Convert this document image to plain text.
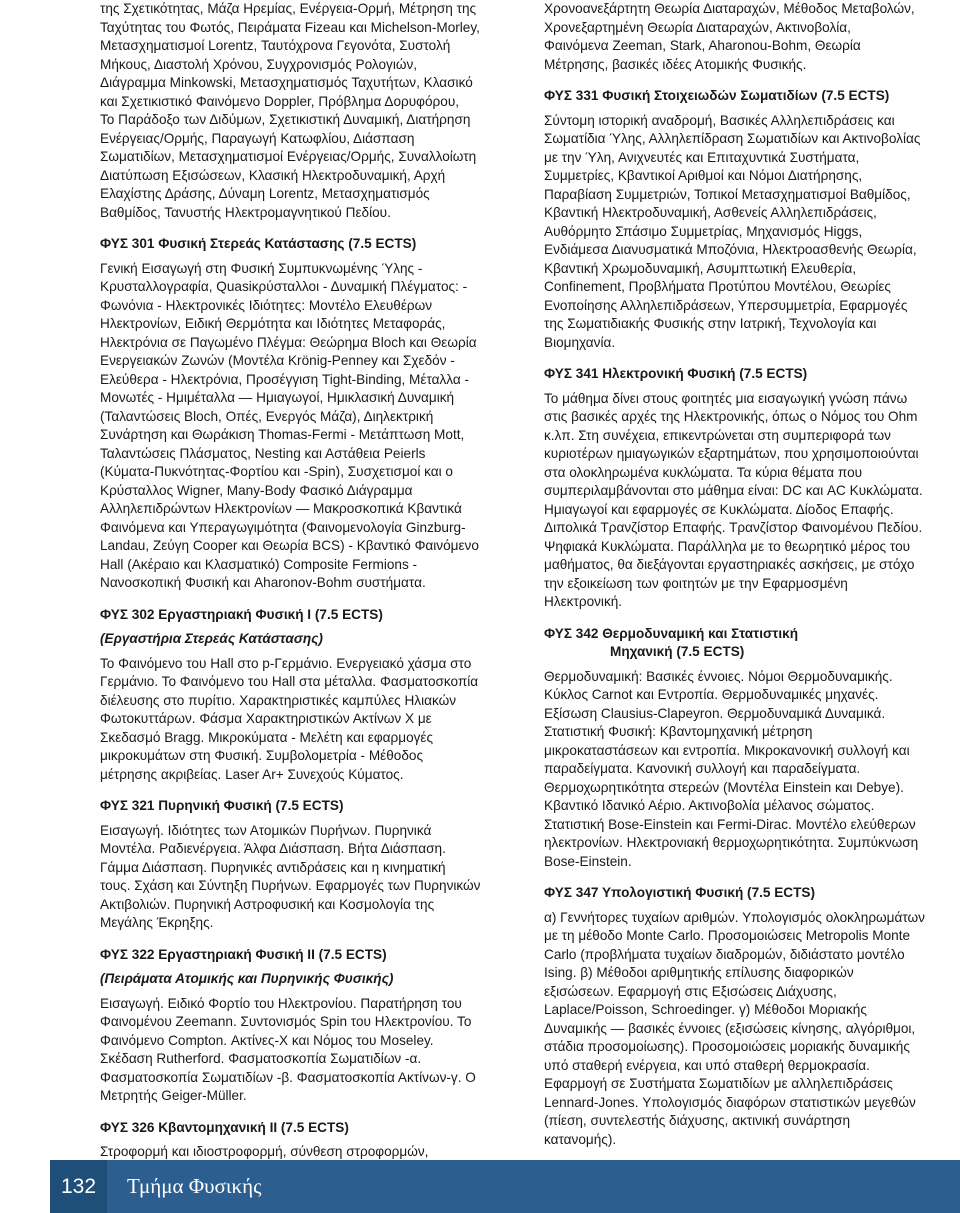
της Σχετικότητας, Μάζα Ηρεμίας, Ενέργεια-Ορμή, Μέτρηση της

Ταχύτητας του Φωτός, Πειράματα Fizeau και Michelson-Morley,

Μετασχηματισμοί Lorentz, Ταυτόχρονα Γεγονότα, Συστολή

Μήκους, Διαστολή Χρόνου, Συγχρονισμός Ρολογιών,

Διάγραμμα Minkowski, Μετασχηματισμός Ταχυτήτων, Κλασικό

και Σχετικιστικό Φαινόμενο Doppler, Πρόβλημα Δορυφόρου,

Το Παράδοξο των Διδύμων, Σχετικιστική Δυναμική, Διατήρηση

Ενέργειας/Ορμής, Παραγωγή Κατωφλίου, Διάσπαση

Σωματιδίων, Μετασχηματισμοί Ενέργειας/Ορμής, Συναλλοίωτη

Διατύπωση Εξισώσεων, Κλασική Ηλεκτροδυναμική, Αρχή

Ελαχίστης Δράσης, Δύναμη Lorentz, Μετασχηματισμός

Βαθμίδος, Τανυστής Ηλεκτρομαγνητικού Πεδίου.

ΦΥΣ 301 Φυσική Στερεάς Κατάστασης (7.5 ECTS)

Γενική Εισαγωγή στη Φυσική Συμπυκνωμένης Ύλης -

Κρυσταλλογραφία, Quasiκρύσταλλοι - Δυναμική Πλέγματος: -

Φωνόνια - Ηλεκτρονικές Ιδιότητες: Μοντέλο Ελευθέρων

Ηλεκτρονίων, Ειδική Θερμότητα και Ιδιότητες Μεταφοράς,

Ηλεκτρόνια σε Παγωμένο Πλέγμα: Θεώρημα Bloch και Θεωρία

Ενεργειακών Ζωνών (Μοντέλα Krönig-Penney και Σχεδόν -

Ελεύθερα - Ηλεκτρόνια, Προσέγγιση Tight-Binding, Μέταλλα -

Μονωτές - Ημιμέταλλα — Ημιαγωγοί, Ημικλασική Δυναμική

(Ταλαντώσεις Bloch, Οπές, Ενεργός Μάζα), Διηλεκτρική

Συνάρτηση και Θωράκιση Thomas-Fermi - Μετάπτωση Mott,

Ταλαντώσεις Πλάσματος, Nesting και Αστάθεια Peierls

(Κύματα-Πυκνότητας-Φορτίου και -Spin), Συσχετισμοί και ο

Κρύσταλλος Wigner, Many-Body Φασικό Διάγραμμα

Αλληλεπιδρώντων Ηλεκτρονίων — Μακροσκοπικά Κβαντικά

Φαινόμενα και Υπεραγωγιμότητα (Φαινομενολογία Ginzburg-

Landau, Ζεύγη Cooper και Θεωρία BCS) - Κβαντικό Φαινόμενο

Hall (Ακέραιο και Κλασματικό) Composite Fermions -

Νανοσκοπική Φυσική και Aharonov-Bohm συστήματα.

ΦΥΣ 302 Εργαστηριακή Φυσική I (7.5 ECTS)

(Εργαστήρια Στερεάς Κατάστασης)

Το Φαινόμενο του Hall στο p-Γερμάνιο. Ενεργειακό χάσμα στο

Γερμάνιο. Το Φαινόμενο του Hall στα μέταλλα. Φασματοσκοπία

διέλευσης στο πυρίτιο. Χαρακτηριστικές καμπύλες Ηλιακών

Φωτοκυττάρων. Φάσμα Χαρακτηριστικών Ακτίνων Χ με

Σκεδασμό Bragg. Μικροκύματα - Μελέτη και εφαρμογές

μικροκυμάτων στη Φυσική. Συμβολομετρία - Μέθοδος

μέτρησης ακριβείας. Laser Ar+ Συνεχούς Κύματος.

ΦΥΣ 321 Πυρηνική Φυσική (7.5 ECTS)

Εισαγωγή. Ιδιότητες των Ατομικών Πυρήνων. Πυρηνικά

Μοντέλα. Ραδιενέργεια. Άλφα Διάσπαση. Βήτα Διάσπαση.

Γάμμα Διάσπαση. Πυρηνικές αντιδράσεις και η κινηματική

τους. Σχάση και Σύντηξη Πυρήνων. Εφαρμογές των Πυρηνικών

Ακτιβολιών. Πυρηνική Αστροφυσική και Κοσμολογία της

Μεγάλης Έκρηξης.

ΦΥΣ 322 Εργαστηριακή Φυσική II (7.5 ECTS)

(Πειράματα Ατομικής και Πυρηνικής Φυσικής)

Εισαγωγή. Ειδικό Φορτίο του Ηλεκτρονίου. Παρατήρηση του

Φαινομένου Zeemann. Συντονισμός Spin του Ηλεκτρονίου. Το

Φαινόμενο Compton. Ακτίνες-Χ και Νόμος του Moseley.

Σκέδαση Rutherford. Φασματοσκοπία Σωματιδίων -α.

Φασματοσκοπία Σωματιδίων -β. Φασματοσκοπία Ακτίνων-γ. Ο

Μετρητής Geiger-Müller.

ΦΥΣ 326 Κβαντομηχανική II (7.5 ECTS)

Στροφορμή και ιδιοστροφορμή, σύνθεση στροφορμών,

Χρονοανεξάρτητη Θεωρία Διαταραχών, Μέθοδος Μεταβολών,

Χρονεξαρτημένη Θεωρία Διαταραχών, Ακτινοβολία,

Φαινόμενα Zeeman, Stark, Aharonou-Bohm, Θεωρία

Μέτρησης, βασικές ιδέες Ατομικής Φυσικής.

ΦΥΣ 331 Φυσική Στοιχειωδών Σωματιδίων (7.5 ECTS)

Σύντομη ιστορική αναδρομή, Βασικές Αλληλεπιδράσεις και

Σωματίδια Ύλης, Αλληλεπίδραση Σωματιδίων και Ακτινοβολίας

με την Ύλη, Ανιχνευτές και Επιταχυντικά Συστήματα,

Συμμετρίες, Κβαντικοί Αριθμοί και Νόμοι Διατήρησης,

Παραβίαση Συμμετριών, Τοπικοί Μετασχηματισμοί Βαθμίδος,

Κβαντική Ηλεκτροδυναμική, Ασθενείς Αλληλεπιδράσεις,

Αυθόρμητο Σπάσιμο Συμμετρίας, Μηχανισμός Higgs,

Ενδιάμεσα Διανυσματικά Μποζόνια, Ηλεκτροασθενής Θεωρία,

Κβαντική Χρωμοδυναμική, Ασυμπτωτική Ελευθερία,

Confinement, Προβλήματα Προτύπου Μοντέλου, Θεωρίες

Ενοποίησης Αλληλεπιδράσεων, Υπερσυμμετρία, Εφαρμογές

της Σωματιδιακής Φυσικής στην Ιατρική, Τεχνολογία και

Βιομηχανία.

ΦΥΣ 341 Ηλεκτρονική Φυσική (7.5 ECTS)

Το μάθημα δίνει στους φοιτητές μια εισαγωγική γνώση πάνω

στις βασικές αρχές της Ηλεκτρονικής, όπως ο Νόμος του Ohm

κ.λπ. Στη συνέχεια, επικεντρώνεται στη συμπεριφορά των

κυριοτέρων ημιαγωγικών εξαρτημάτων, που χρησιμοποιούνται

στα ολοκληρωμένα κυκλώματα. Τα κύρια θέματα που

συμπεριλαμβάνονται στο μάθημα είναι: DC και AC Κυκλώματα.

Ημιαγωγοί και εφαρμογές σε Κυκλώματα. Δίοδος Επαφής.

Διπολικά Τρανζίστορ Επαφής. Τρανζίστορ Φαινομένου Πεδίου.

Ψηφιακά Κυκλώματα. Παράλληλα με το θεωρητικό μέρος του

μαθήματος, θα διεξάγονται εργαστηριακές ασκήσεις, με στόχο

την εξοικείωση των φοιτητών με την Εφαρμοσμένη

Ηλεκτρονική.

ΦΥΣ 342 Θερμοδυναμική και Στατιστική
Μηχανική (7.5 ECTS)

Θερμοδυναμική: Βασικές έννοιες. Νόμοι Θερμοδυναμικής.

Κύκλος Carnot και Εντροπία. Θερμοδυναμικές μηχανές.

Εξίσωση Clausius-Clapeyron. Θερμοδυναμικά Δυναμικά.

Στατιστική Φυσική: Κβαντομηχανική μέτρηση

μικροκαταστάσεων και εντροπία. Μικροκανονική συλλογή και

παραδείγματα. Κανονική συλλογή και παραδείγματα.

Θερμοχωρητικότητα στερεών (Μοντέλα Einstein και Debye).

Κβαντικό Ιδανικό Αέριο. Ακτινοβολία μέλανος σώματος.

Στατιστική Bose-Einstein και Fermi-Dirac. Μοντέλο ελεύθερων

ηλεκτρονίων. Ηλεκτρονιακή θερμοχωρητικότητα. Συμπύκνωση

Bose-Einstein.

ΦΥΣ 347 Υπολογιστική Φυσική (7.5 ECTS)

α) Γεννήτορες τυχαίων αριθμών. Υπολογισμός ολοκληρωμάτων

με τη μέθοδο Monte Carlo. Προσομοιώσεις Metropolis Monte

Carlo (προβλήματα τυχαίων διαδρομών, διδιάστατο μοντέλο

Ising. β) Μέθοδοι αριθμητικής επίλυσης διαφορικών

εξισώσεων. Εφαρμογή στις Εξισώσεις Διάχυσης,

Laplace/Poisson, Schroedinger. γ) Μέθοδοι Μοριακής

Δυναμικής — βασικές έννοιες (εξισώσεις κίνησης, αλγόριθμοι,

στάδια προσομοίωσης). Προσομοιώσεις μοριακής δυναμικής

υπό σταθερή ενέργεια, και υπό σταθερή θερμοκρασία.

Εφαρμογή σε Συστήματα Σωματιδίων με αλληλεπιδράσεις

Lennard-Jones. Υπολογισμός διαφόρων στατιστικών μεγεθών

(πίεση, συντελεστής διάχυσης, ακτινική συνάρτηση

κατανομής).

132	Τμήμα Φυσικής
